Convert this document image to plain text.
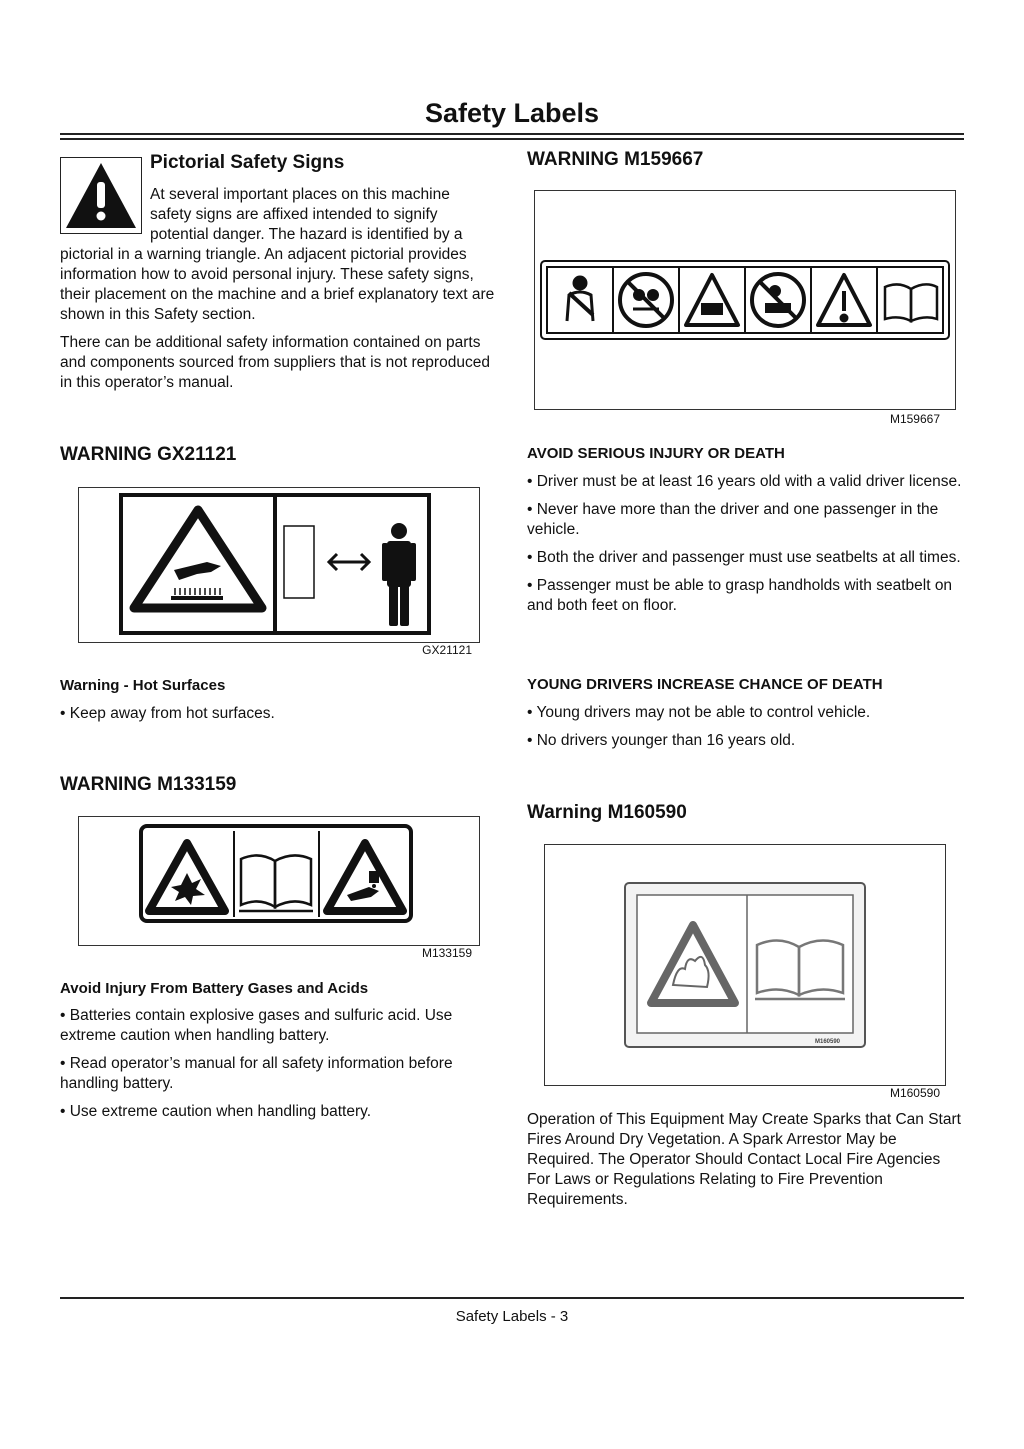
Safety Labels
Pictorial Safety Signs
At several important places on this machine safety signs are affixed intended to signify potential danger. The hazard is identified by a
pictorial in a warning triangle. An adjacent pictorial provides information how to avoid personal injury. These safety signs, their placement on the machine and a brief explanatory text are shown in this Safety section.
There can be additional safety information contained on parts and components sourced from suppliers that is not reproduced in this operator’s manual.
WARNING GX21121
GX21121
Warning - Hot Surfaces
• Keep away from hot surfaces.
WARNING M133159
M133159
Avoid Injury From Battery Gases and Acids
• Batteries contain explosive gases and sulfuric acid. Use extreme caution when handling battery.
• Read operator’s manual for all safety information before handling battery.
• Use extreme caution when handling battery.
WARNING M159667
M159667
AVOID SERIOUS INJURY OR DEATH
• Driver must be at least 16 years old with a valid driver license.
• Never have more than the driver and one passenger in the vehicle.
• Both the driver and passenger must use seatbelts at all times.
• Passenger must be able to grasp handholds with seatbelt on and both feet on floor.
YOUNG DRIVERS INCREASE CHANCE OF DEATH
• Young drivers may not be able to control vehicle.
• No drivers younger than 16 years old.
Warning M160590
M160590
M160590
Operation of This Equipment May Create Sparks that Can Start Fires Around Dry Vegetation. A Spark Arrestor May be Required. The Operator Should Contact Local Fire Agencies For Laws or Regulations Relating to Fire Prevention Requirements.
Safety Labels - 3
